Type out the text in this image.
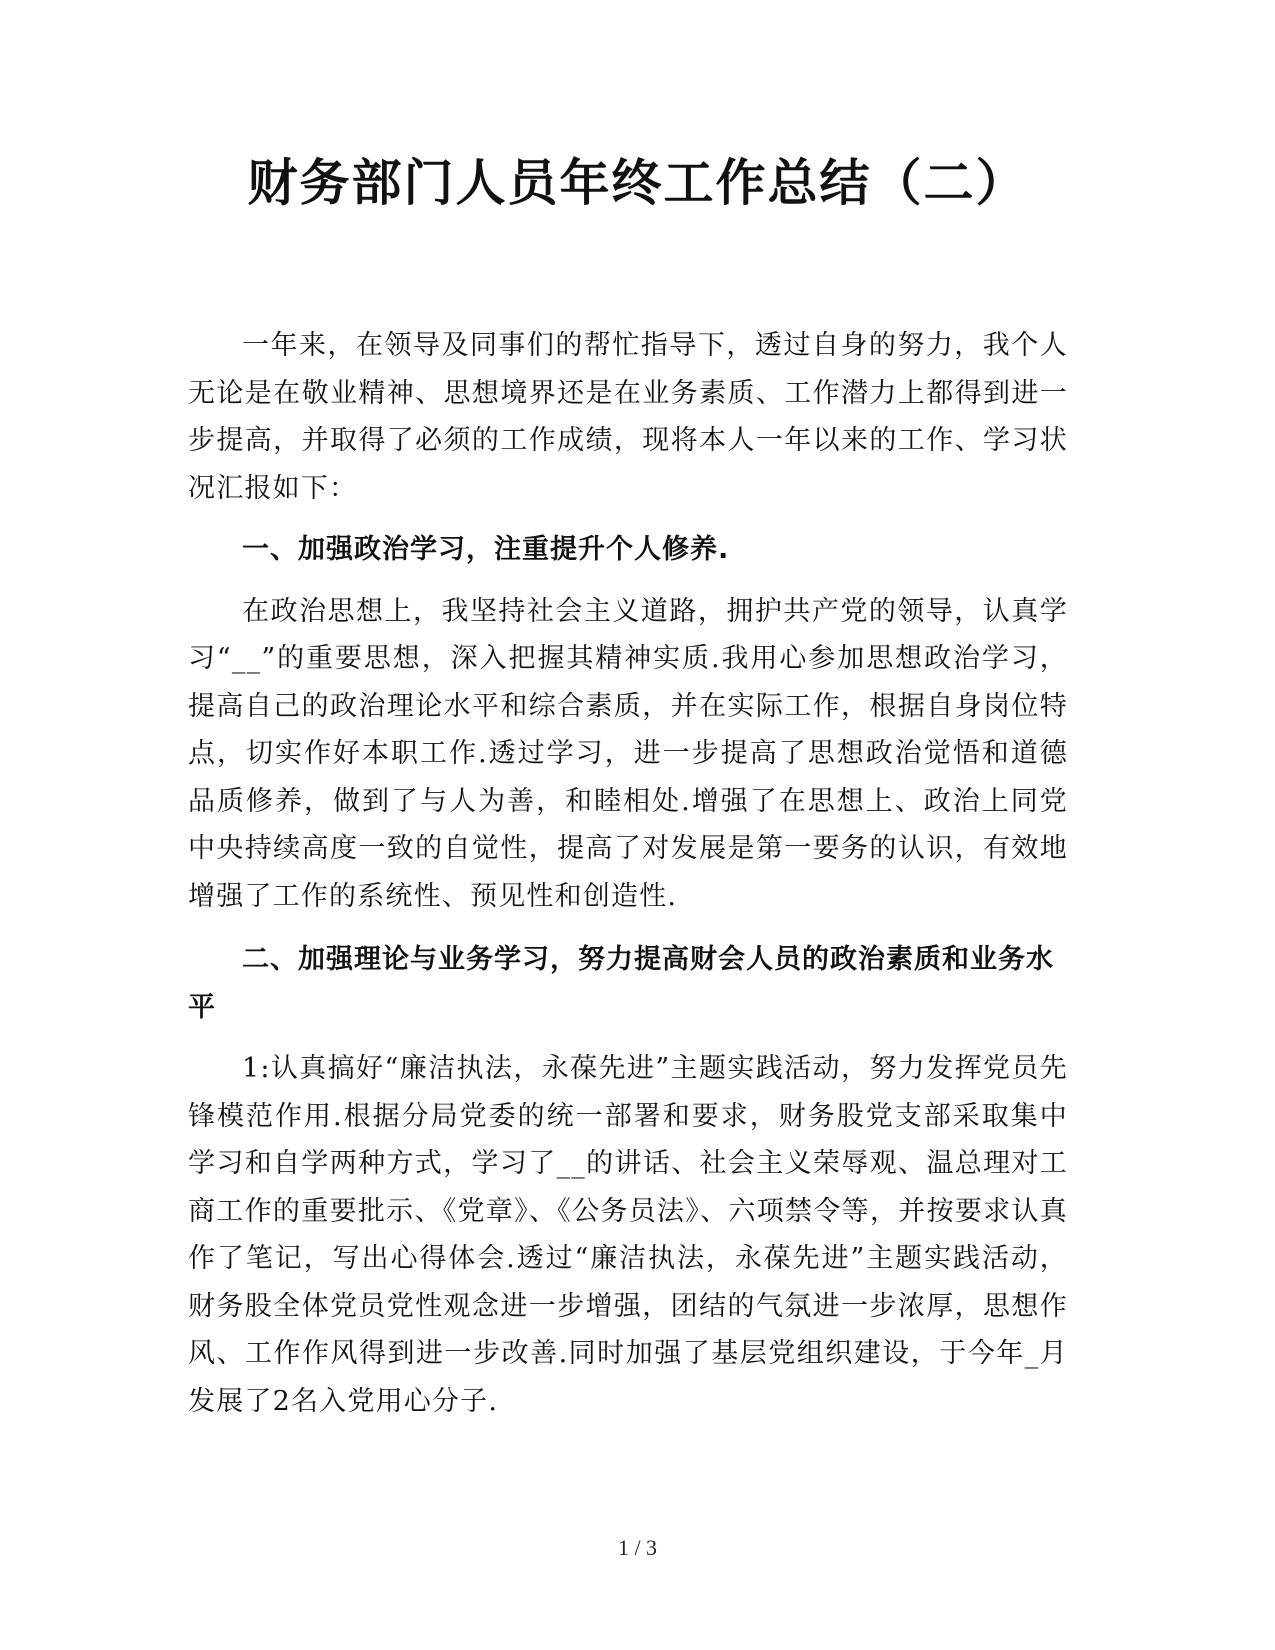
财务部门人员年终工作总结（二）

一年来，在领导及同事们的帮忙指导下，透过自身的努力，我个人无论是在敬业精神、思想境界还是在业务素质、工作潜力上都得到进一步提高，并取得了必须的工作成绩，现将本人一年以来的工作、学习状况汇报如下：

一、加强政治学习，注重提升个人修养.

在政治思想上，我坚持社会主义道路，拥护共产党的领导，认真学习“__”的重要思想，深入把握其精神实质.我用心参加思想政治学习，提高自己的政治理论水平和综合素质，并在实际工作，根据自身岗位特点，切实作好本职工作.透过学习，进一步提高了思想政治觉悟和道德品质修养，做到了与人为善，和睦相处.增强了在思想上、政治上同党中央持续高度一致的自觉性，提高了对发展是第一要务的认识，有效地增强了工作的系统性、预见性和创造性.

二、加强理论与业务学习，努力提高财会人员的政治素质和业务水平

1:认真搞好“廉洁执法，永葆先进”主题实践活动，努力发挥党员先锋模范作用.根据分局党委的统一部署和要求，财务股党支部采取集中学习和自学两种方式，学习了__的讲话、社会主义荣辱观、温总理对工商工作的重要批示、《党章》、《公务员法》、六项禁令等，并按要求认真作了笔记，写出心得体会.透过“廉洁执法，永葆先进”主题实践活动，财务股全体党员党性观念进一步增强，团结的气氛进一步浓厚，思想作风、工作作风得到进一步改善.同时加强了基层党组织建设，于今年_月发展了2名入党用心分子.

1 / 3
